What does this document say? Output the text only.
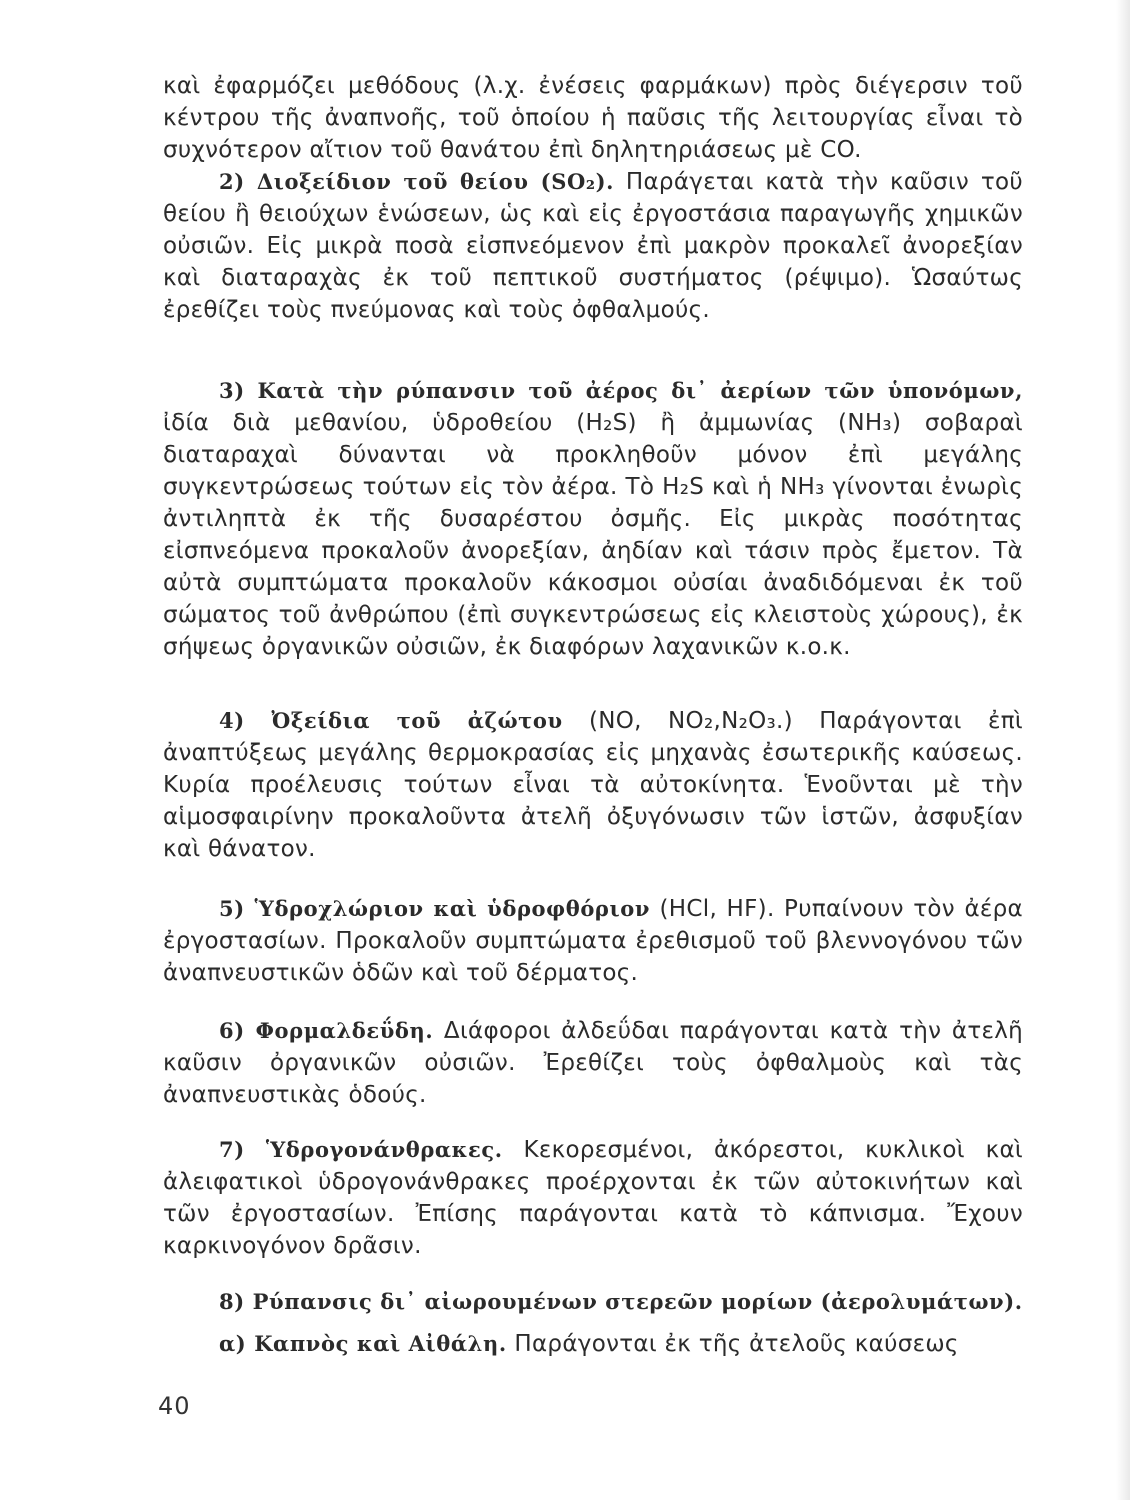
καὶ ἐφαρμόζει μεθόδους (λ.χ. ἐνέσεις φαρμάκων) πρὸς διέγερσιν τοῦ κέντρου τῆς ἀναπνοῆς, τοῦ ὁποίου ἡ παῦσις τῆς λειτουργίας εἶναι τὸ συχνότερον αἴτιον τοῦ θανάτου ἐπὶ δηλητηριάσεως μὲ CO.

2) Διοξείδιον τοῦ θείου (SO₂). Παράγεται κατὰ τὴν καῦσιν τοῦ θείου ἢ θειούχων ἑνώσεων, ὡς καὶ εἰς ἐργοστάσια παραγωγῆς χημικῶν οὐσιῶν. Εἰς μικρὰ ποσὰ εἰσπνεόμενον ἐπὶ μακρὸν προκαλεῖ ἀνορεξίαν καὶ διαταραχὰς ἐκ τοῦ πεπτικοῦ συστήματος (ρέψιμο). Ὡσαύτως ἐρεθίζει τοὺς πνεύμονας καὶ τοὺς ὀφθαλμούς.

3) Κατὰ τὴν ρύπανσιν τοῦ ἀέρος δι᾽ ἀερίων τῶν ὑπονόμων, ἰδία διὰ μεθανίου, ὑδροθείου (H₂S) ἢ ἀμμωνίας (NH₃) σοβαραὶ διαταραχαὶ δύνανται νὰ προκληθοῦν μόνον ἐπὶ μεγάλης συγκεντρώσεως τούτων εἰς τὸν ἀέρα. Τὸ H₂S καὶ ἡ NH₃ γίνονται ἐνωρὶς ἀντιληπτὰ ἐκ τῆς δυσαρέστου ὀσμῆς. Εἰς μικρὰς ποσότητας εἰσπνεόμενα προκαλοῦν ἀνορεξίαν, ἀηδίαν καὶ τάσιν πρὸς ἔμετον. Τὰ αὐτὰ συμπτώματα προκαλοῦν κάκοσμοι οὐσίαι ἀναδιδόμεναι ἐκ τοῦ σώματος τοῦ ἀνθρώπου (ἐπὶ συγκεντρώσεως εἰς κλειστοὺς χώρους), ἐκ σήψεως ὀργανικῶν οὐσιῶν, ἐκ διαφόρων λαχανικῶν κ.ο.κ.

4) Ὀξείδια τοῦ ἀζώτου (NO, NO₂,N₂O₃.) Παράγονται ἐπὶ ἀναπτύξεως μεγάλης θερμοκρασίας εἰς μηχανὰς ἐσωτερικῆς καύσεως. Κυρία προέλευσις τούτων εἶναι τὰ αὐτοκίνητα. Ἑνοῦνται μὲ τὴν αἱμοσφαιρίνην προκαλοῦντα ἀτελῆ ὀξυγόνωσιν τῶν ἱστῶν, ἀσφυξίαν καὶ θάνατον.

5) Ὑδροχλώριον καὶ ὑδροφθόριον (HCl, HF). Ρυπαίνουν τὸν ἀέρα ἐργοστασίων. Προκαλοῦν συμπτώματα ἐρεθισμοῦ τοῦ βλεννογόνου τῶν ἀναπνευστικῶν ὁδῶν καὶ τοῦ δέρματος.

6) Φορμαλδεΰδη. Διάφοροι ἀλδεΰδαι παράγονται κατὰ τὴν ἀτελῆ καῦσιν ὀργανικῶν οὐσιῶν. Ἐρεθίζει τοὺς ὀφθαλμοὺς καὶ τὰς ἀναπνευστικὰς ὁδούς.

7) Ὑδρογονάνθρακες. Κεκορεσμένοι, ἀκόρεστοι, κυκλικοὶ καὶ ἀλειφατικοὶ ὑδρογονάνθρακες προέρχονται ἐκ τῶν αὐτοκινήτων καὶ τῶν ἐργοστασίων. Ἐπίσης παράγονται κατὰ τὸ κάπνισμα. Ἔχουν καρκινογόνον δρᾶσιν.

8) Ρύπανσις δι᾽ αἰωρουμένων στερεῶν μορίων (ἀερολυμάτων).

α) Καπνὸς καὶ Αἰθάλη. Παράγονται ἐκ τῆς ἀτελοῦς καύσεως

40
